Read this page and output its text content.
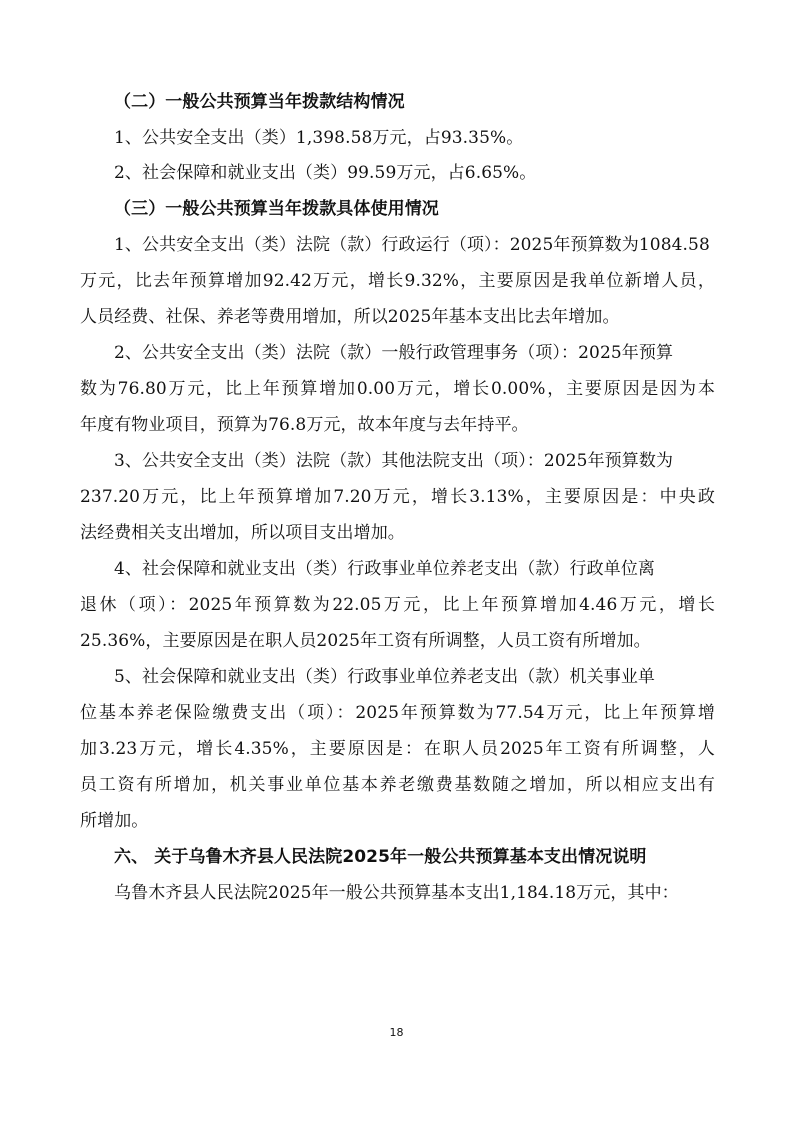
（二）一般公共预算当年拨款结构情况
1、公共安全支出（类）1,398.58万元，占93.35%。
2、社会保障和就业支出（类）99.59万元，占6.65%。
（三）一般公共预算当年拨款具体使用情况
1、公共安全支出（类）法院（款）行政运行（项）：2025年预算数为1084.58
万元，比去年预算增加92.42万元，增长9.32%，主要原因是我单位新增人员，
人员经费、社保、养老等费用增加，所以2025年基本支出比去年增加。
2、公共安全支出（类）法院（款）一般行政管理事务（项）：2025年预算
数为76.80万元，比上年预算增加0.00万元，增长0.00%，主要原因是因为本
年度有物业项目，预算为76.8万元，故本年度与去年持平。
3、公共安全支出（类）法院（款）其他法院支出（项）：2025年预算数为
237.20万元，比上年预算增加7.20万元，增长3.13%，主要原因是：中央政
法经费相关支出增加，所以项目支出增加。
4、社会保障和就业支出（类）行政事业单位养老支出（款）行政单位离
退休（项）：2025年预算数为22.05万元，比上年预算增加4.46万元，增长
25.36%，主要原因是在职人员2025年工资有所调整，人员工资有所增加。
5、社会保障和就业支出（类）行政事业单位养老支出（款）机关事业单
位基本养老保险缴费支出（项）：2025年预算数为77.54万元，比上年预算增
加3.23万元，增长4.35%，主要原因是：在职人员2025年工资有所调整，人
员工资有所增加，机关事业单位基本养老缴费基数随之增加，所以相应支出有
所增加。
六、 关于乌鲁木齐县人民法院2025年一般公共预算基本支出情况说明
乌鲁木齐县人民法院2025年一般公共预算基本支出1,184.18万元，其中：
18
